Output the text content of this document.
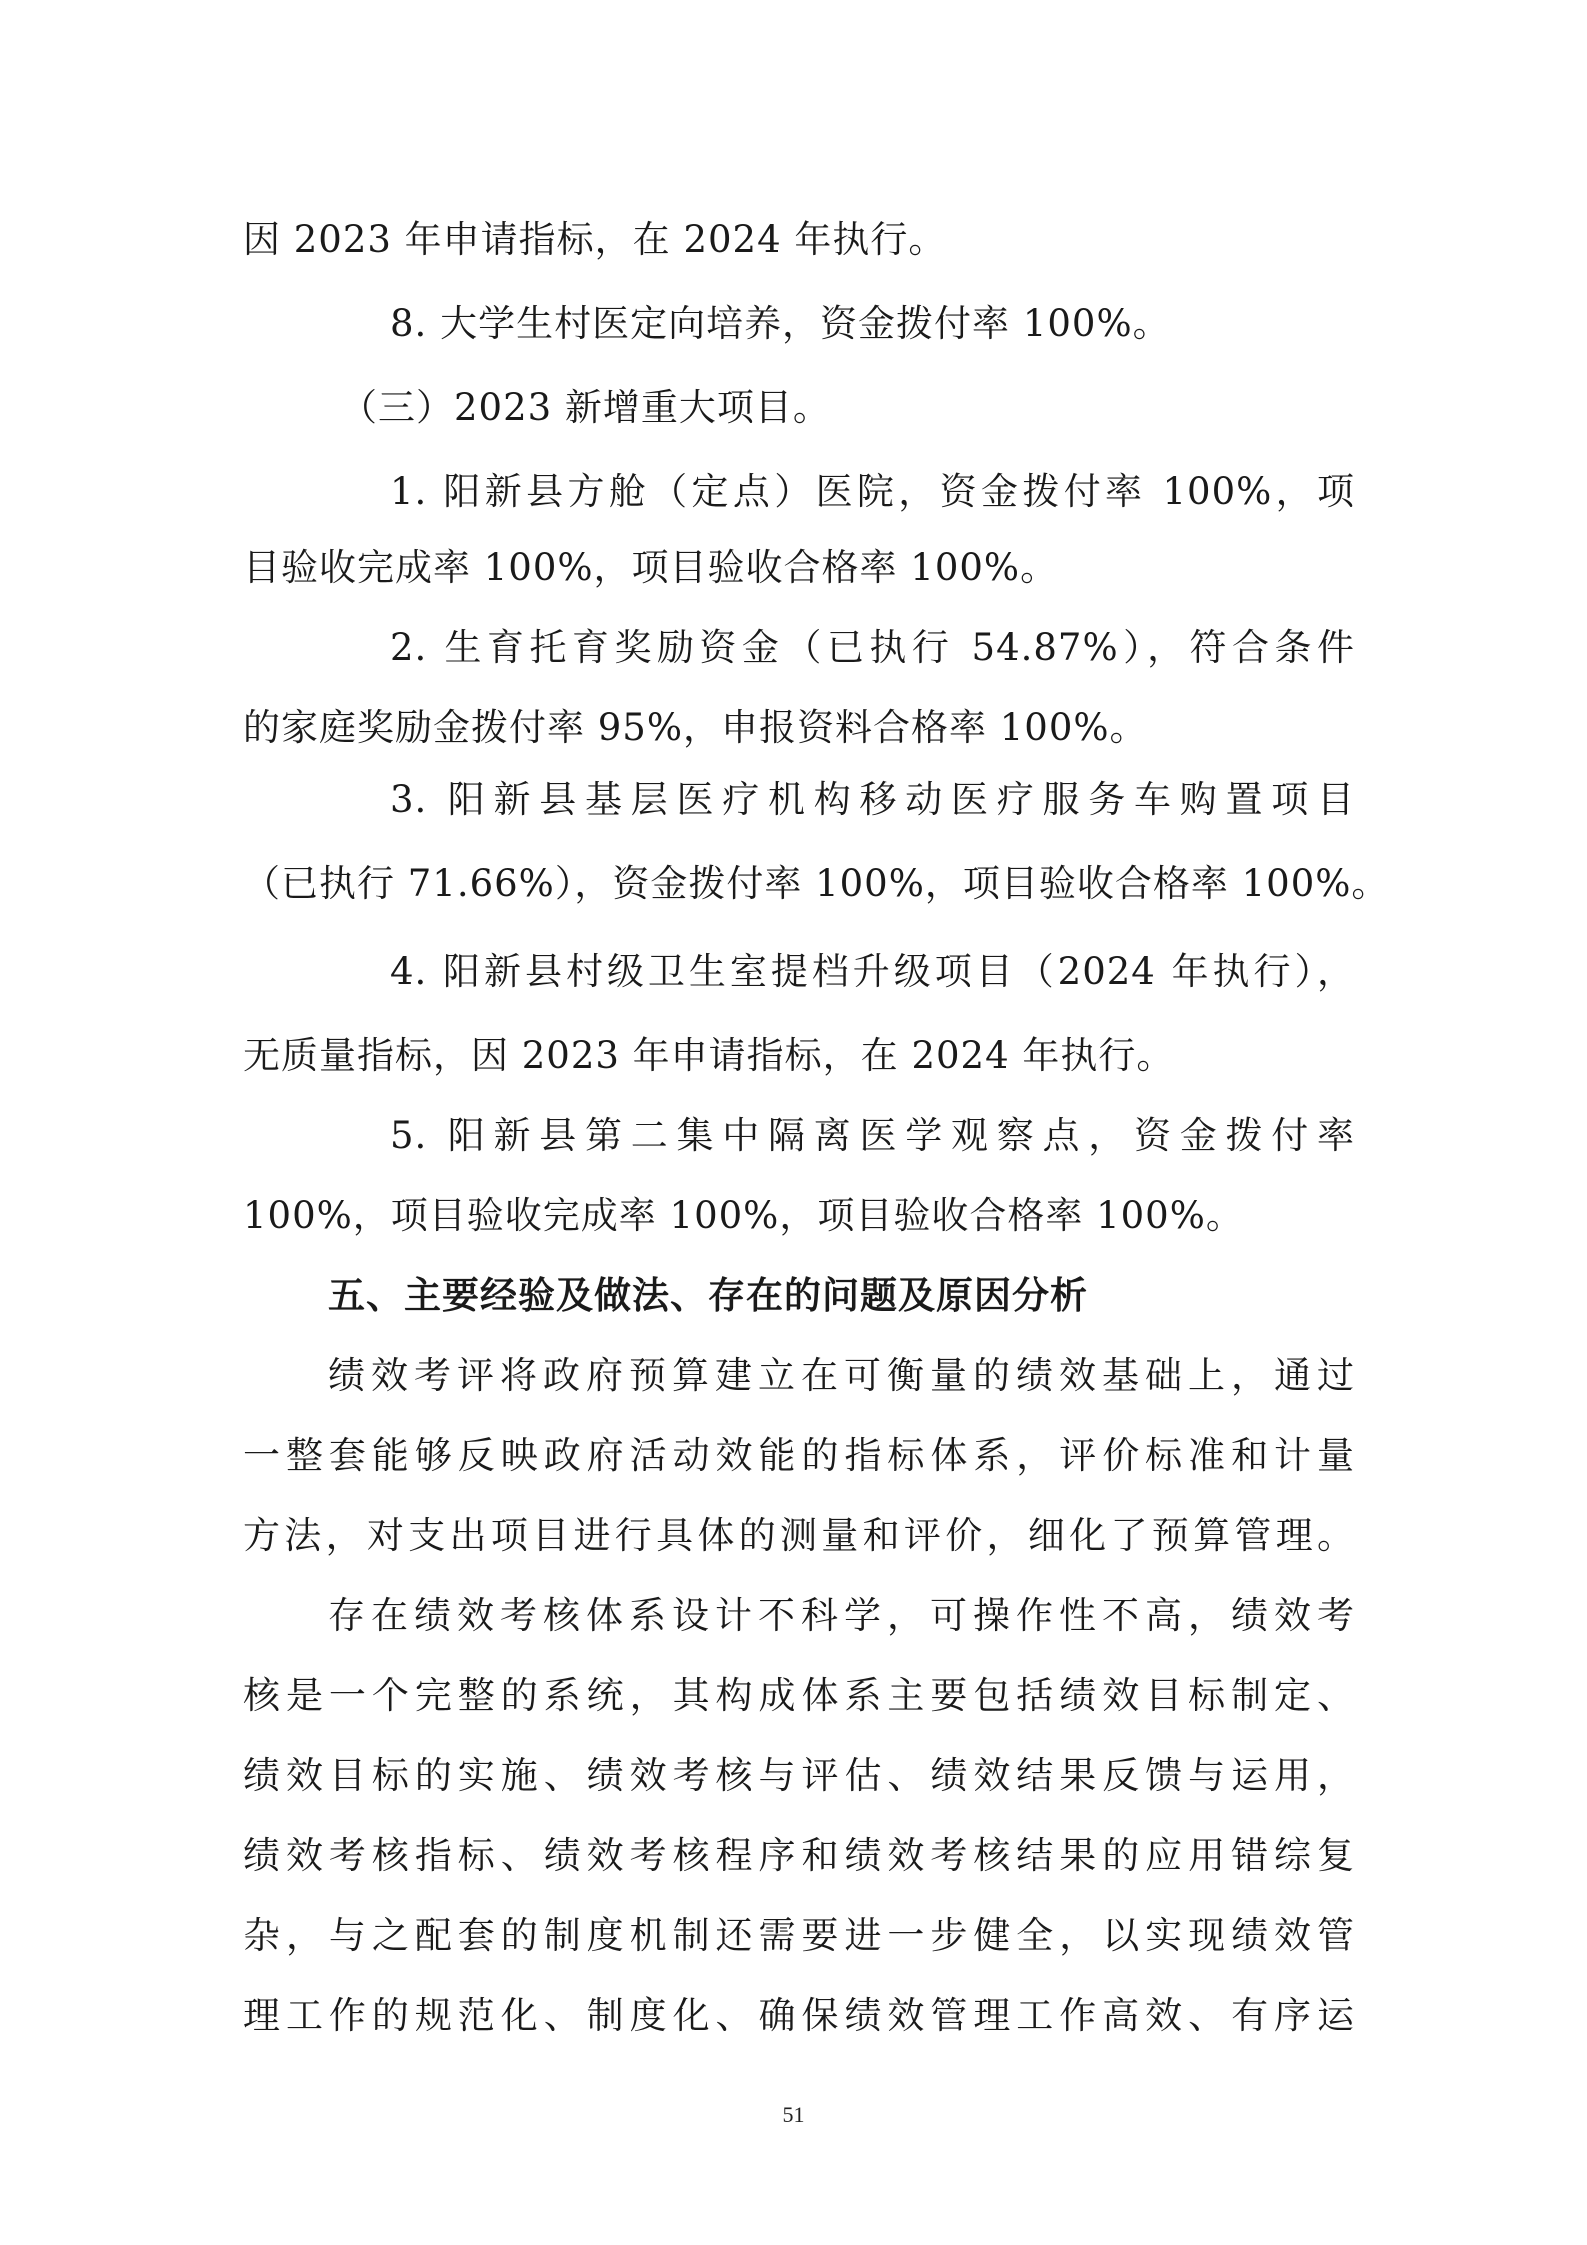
因 2023 年申请指标，在 2024 年执行。
8. 大学生村医定向培养，资金拨付率 100%。
（三）2023 新增重大项目。
1. 阳新县方舱（定点）医院，资金拨付率 100%，项
目验收完成率 100%，项目验收合格率 100%。
2. 生育托育奖励资金（已执行 54.87%），符合条件
的家庭奖励金拨付率 95%，申报资料合格率 100%。
3. 阳新县基层医疗机构移动医疗服务车购置项目
（已执行 71.66%），资金拨付率 100%，项目验收合格率 100%。
4. 阳新县村级卫生室提档升级项目（2024 年执行），
无质量指标，因 2023 年申请指标，在 2024 年执行。
5. 阳新县第二集中隔离医学观察点，资金拨付率
100%，项目验收完成率 100%，项目验收合格率 100%。
五、主要经验及做法、存在的问题及原因分析
绩效考评将政府预算建立在可衡量的绩效基础上，通过
一整套能够反映政府活动效能的指标体系，评价标准和计量
方法，对支出项目进行具体的测量和评价，细化了预算管理。
存在绩效考核体系设计不科学，可操作性不高，绩效考
核是一个完整的系统，其构成体系主要包括绩效目标制定、
绩效目标的实施、绩效考核与评估、绩效结果反馈与运用，
绩效考核指标、绩效考核程序和绩效考核结果的应用错综复
杂，与之配套的制度机制还需要进一步健全，以实现绩效管
理工作的规范化、制度化、确保绩效管理工作高效、有序运
51
